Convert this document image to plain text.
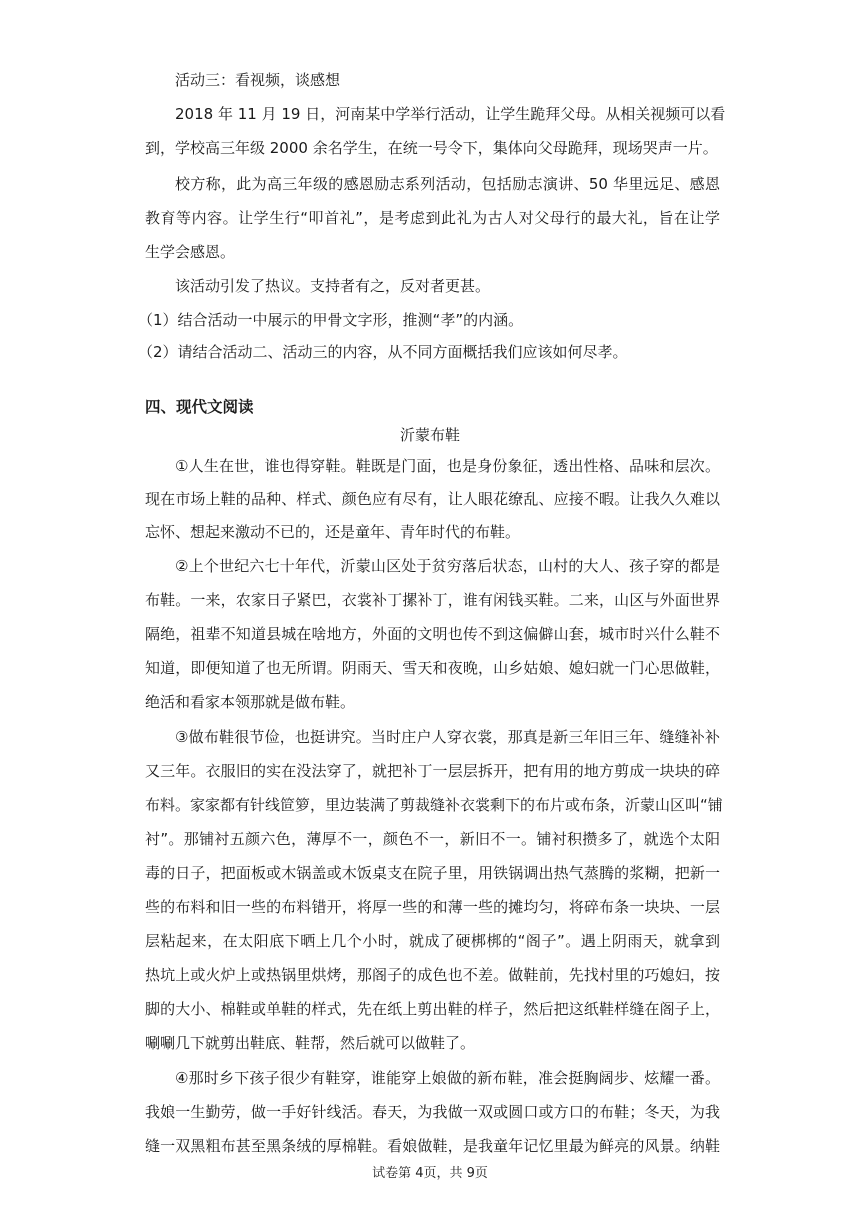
活动三：看视频，谈感想
2018 年 11 月 19 日，河南某中学举行活动，让学生跪拜父母。从相关视频可以看
到，学校高三年级 2000 余名学生，在统一号令下，集体向父母跪拜，现场哭声一片。
校方称，此为高三年级的感恩励志系列活动，包括励志演讲、50 华里远足、感恩
教育等内容。让学生行“叩首礼”，是考虑到此礼为古人对父母行的最大礼，旨在让学
生学会感恩。
该活动引发了热议。支持者有之，反对者更甚。
（1）结合活动一中展示的甲骨文字形，推测“孝”的内涵。
（2）请结合活动二、活动三的内容，从不同方面概括我们应该如何尽孝。
四、现代文阅读
沂蒙布鞋
①人生在世，谁也得穿鞋。鞋既是门面，也是身份象征，透出性格、品味和层次。
现在市场上鞋的品种、样式、颜色应有尽有，让人眼花缭乱、应接不暇。让我久久难以
忘怀、想起来激动不已的，还是童年、青年时代的布鞋。
②上个世纪六七十年代，沂蒙山区处于贫穷落后状态，山村的大人、孩子穿的都是
布鞋。一来，农家日子紧巴，衣裳补丁摞补丁，谁有闲钱买鞋。二来，山区与外面世界
隔绝，祖辈不知道县城在啥地方，外面的文明也传不到这偏僻山套，城市时兴什么鞋不
知道，即便知道了也无所谓。阴雨天、雪天和夜晚，山乡姑娘、媳妇就一门心思做鞋，
绝活和看家本领那就是做布鞋。
③做布鞋很节俭，也挺讲究。当时庄户人穿衣裳，那真是新三年旧三年、缝缝补补
又三年。衣服旧的实在没法穿了，就把补丁一层层拆开，把有用的地方剪成一块块的碎
布料。家家都有针线笸箩，里边装满了剪裁缝补衣裳剩下的布片或布条，沂蒙山区叫“铺
衬”。那铺衬五颜六色，薄厚不一，颜色不一，新旧不一。铺衬积攒多了，就选个太阳
毒的日子，把面板或木锅盖或木饭桌支在院子里，用铁锅调出热气蒸腾的浆糊，把新一
些的布料和旧一些的布料错开，将厚一些的和薄一些的摊均匀，将碎布条一块块、一层
层粘起来，在太阳底下晒上几个小时，就成了硬梆梆的“阁子”。遇上阴雨天，就拿到
热坑上或火炉上或热锅里烘烤，那阁子的成色也不差。做鞋前，先找村里的巧媳妇，按
脚的大小、棉鞋或单鞋的样式，先在纸上剪出鞋的样子，然后把这纸鞋样缝在阁子上，
唰唰几下就剪出鞋底、鞋帮，然后就可以做鞋了。
④那时乡下孩子很少有鞋穿，谁能穿上娘做的新布鞋，准会挺胸阔步、炫耀一番。
我娘一生勤劳，做一手好针线活。春天，为我做一双或圆口或方口的布鞋；冬天，为我
缝一双黑粗布甚至黑条绒的厚棉鞋。看娘做鞋，是我童年记忆里最为鲜亮的风景。纳鞋
试卷第 4页，共 9页
